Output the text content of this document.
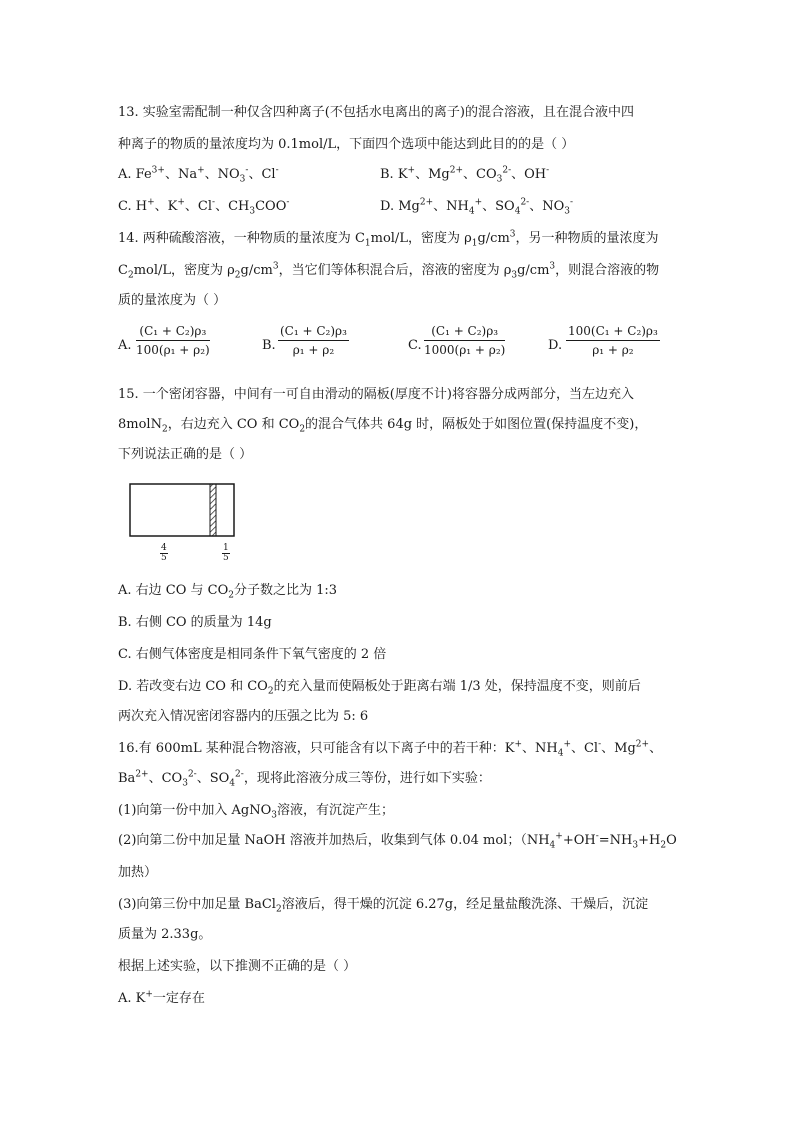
13. 实验室需配制一种仅含四种离子(不包括水电离出的离子)的混合溶液，且在混合液中四
种离子的物质的量浓度均为 0.1mol/L，下面四个选项中能达到此目的的是（ ）
A. $Fe^{3+}$、Na+、$NO_3^-$、Cl-	B. K+、$Mg^{2+}$、$CO_3^{2-}$、OH-
C. H+、K+、Cl-、$CH_3COO^-$	D. $Mg^{2+}$、$NH_4^+$、$SO_4^{2-}$、$NO_3^-$
14. 两种硫酸溶液，一种物质的量浓度为 $C_1mol/L$，密度为 $\rho_1g/cm^3$，另一种物质的量浓度为
$C_2mol/L$，密度为 $\rho_2g/cm^3$，当它们等体积混合后，溶液的密度为 $\rho_3g/cm^3$，则混合溶液的物
质的量浓度为（ ）
A. $\frac{\text{(C₁ + C₂)ρ₃}}{\text{100(ρ₁ + ρ₂)}}$	B. $\frac{\text{(C₁ + C₂)ρ₃}}{\text{ρ₁ + ρ₂}}$	C. $\frac{\text{(C₁ + C₂)ρ₃}}{\text{1000(ρ₁ + ρ₂)}}$	D. $\frac{\text{100(C₁ + C₂)ρ₃}}{\text{ρ₁ + ρ₂}}$
15. 一个密闭容器，中间有一可自由滑动的隔板(厚度不计)将容器分成两部分，当左边充入
8molN$_2$，右边充入 CO 和 $CO_2$的混合气体共 64g 时，隔板处于如图位置(保持温度不变)，
下列说法正确的是（ ）
4
5
1
5
A. 右边 CO 与 $CO_2$分子数之比为 1:3
B. 右侧 CO 的质量为 14g
C. 右侧气体密度是相同条件下氧气密度的 2 倍
D. 若改变右边 CO 和 $CO_2$的充入量而使隔板处于距离右端 1/3 处，保持温度不变，则前后
两次充入情况密闭容器内的压强之比为 5: 6
16.有 600mL 某种混合物溶液，只可能含有以下离子中的若干种：K+、$NH_4^+$、Cl-、$Mg^{2+}$、
$Ba^{2+}$、$CO_3^{2-}$、$SO_4^{2-}$，现将此溶液分成三等份，进行如下实验：
(1)向第一份中加入 AgNO$_3$溶液，有沉淀产生；
(2)向第二份中加足量 NaOH 溶液并加热后，收集到气体 0.04 mol；（$NH_4^++OH^-=NH_3+H_2O$
加热）
(3)向第三份中加足量 BaCl$_2$溶液后，得干燥的沉淀 6.27g，经足量盐酸洗涤、干燥后，沉淀
质量为 2.33g。
根据上述实验，以下推测不正确的是（ ）
A. K+一定存在
